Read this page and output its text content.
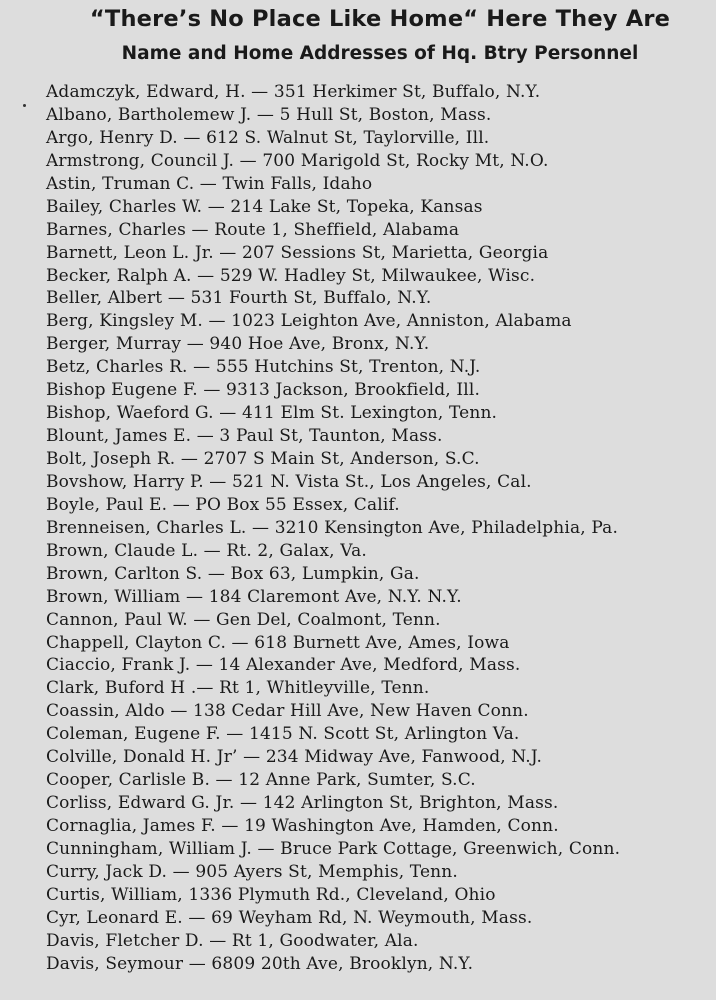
“There’s No Place Like Home“ Here They Are
Name and Home Addresses of Hq. Btry Personnel
Adamczyk, Edward, H. — 351 Herkimer St, Buffalo, N.Y.
Albano, Bartholemew J. — 5 Hull St, Boston, Mass.
Argo, Henry D. — 612 S. Walnut St, Taylorville, Ill.
Armstrong, Council J. — 700 Marigold St, Rocky Mt, N.O.
Astin, Truman C. — Twin Falls, Idaho
Bailey, Charles W. — 214 Lake St, Topeka, Kansas
Barnes, Charles — Route 1, Sheffield, Alabama
Barnett, Leon L. Jr. — 207 Sessions St, Marietta, Georgia
Becker, Ralph A. — 529 W. Hadley St, Milwaukee, Wisc.
Beller, Albert — 531 Fourth St, Buffalo, N.Y.
Berg, Kingsley M. — 1023 Leighton Ave, Anniston, Alabama
Berger, Murray — 940 Hoe Ave, Bronx, N.Y.
Betz, Charles R. — 555 Hutchins St, Trenton, N.J.
Bishop Eugene F. — 9313 Jackson, Brookfield, Ill.
Bishop, Waeford G. — 411 Elm St. Lexington, Tenn.
Blount, James E. — 3 Paul St, Taunton, Mass.
Bolt, Joseph R. — 2707 S Main St, Anderson, S.C.
Bovshow, Harry P. — 521 N. Vista St., Los Angeles, Cal.
Boyle, Paul E. — PO Box 55 Essex, Calif.
Brenneisen, Charles L. — 3210 Kensington Ave, Philadelphia, Pa.
Brown, Claude L. — Rt. 2, Galax, Va.
Brown, Carlton S. — Box 63, Lumpkin, Ga.
Brown, William — 184 Claremont Ave, N.Y. N.Y.
Cannon, Paul W. — Gen Del, Coalmont, Tenn.
Chappell, Clayton C. — 618 Burnett Ave, Ames, Iowa
Ciaccio, Frank J. — 14 Alexander Ave, Medford, Mass.
Clark, Buford H .— Rt 1, Whitleyville, Tenn.
Coassin, Aldo — 138 Cedar Hill Ave, New Haven Conn.
Coleman, Eugene F. — 1415 N. Scott St, Arlington Va.
Colville, Donald H. Jr’ — 234 Midway Ave, Fanwood, N.J.
Cooper, Carlisle B. — 12 Anne Park, Sumter, S.C.
Corliss, Edward G. Jr. — 142 Arlington St, Brighton, Mass.
Cornaglia, James F. — 19 Washington Ave, Hamden, Conn.
Cunningham, William J. — Bruce Park Cottage, Greenwich, Conn.
Curry, Jack D. — 905 Ayers St, Memphis, Tenn.
Curtis, William, 1336 Plymuth Rd., Cleveland, Ohio
Cyr, Leonard E. — 69 Weyham Rd, N. Weymouth, Mass.
Davis, Fletcher D. — Rt 1, Goodwater, Ala.
Davis, Seymour — 6809 20th Ave, Brooklyn, N.Y.
